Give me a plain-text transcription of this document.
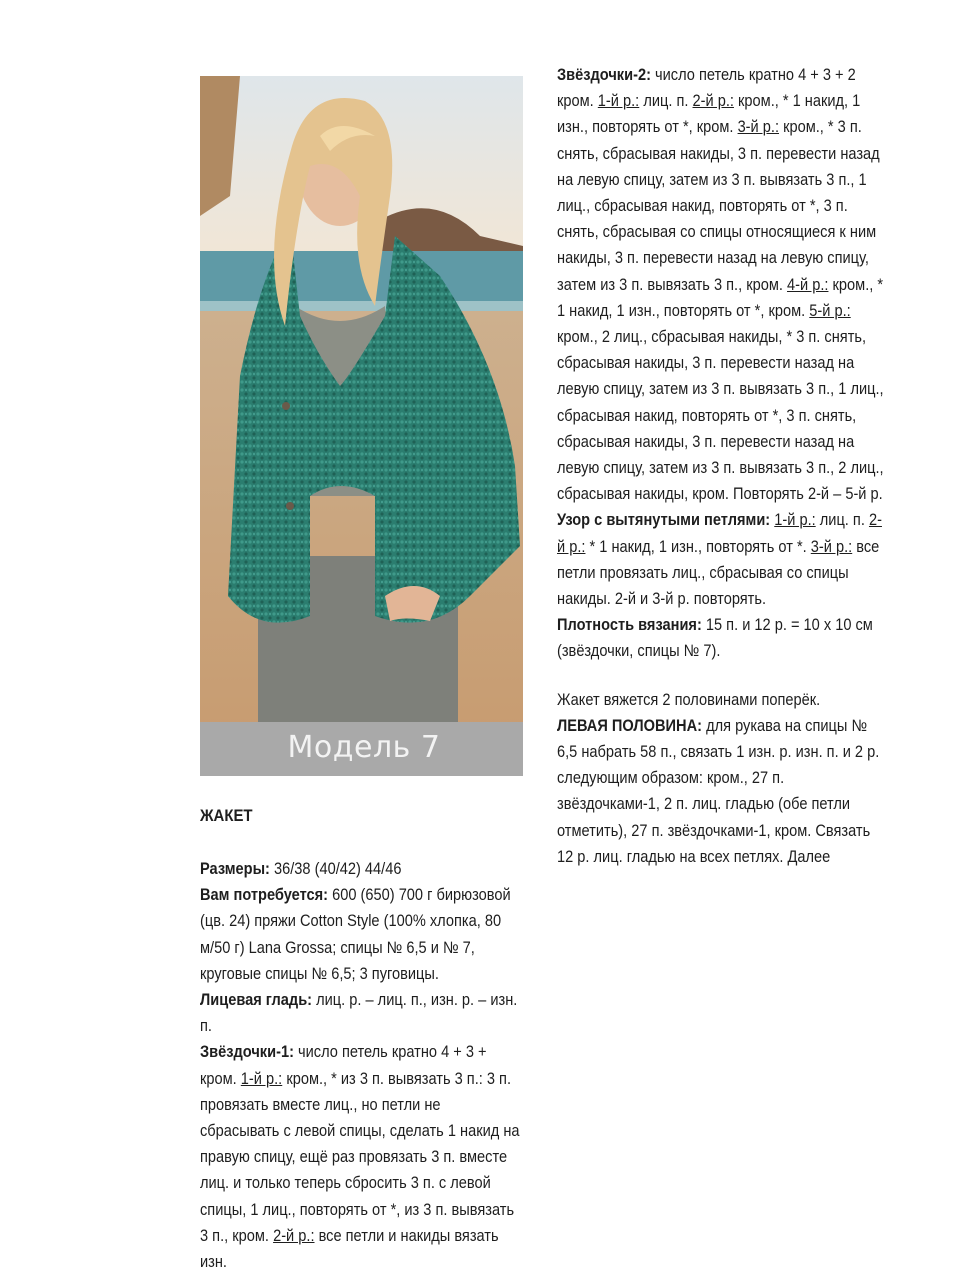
Модель 7
ЖАКЕТ

Размеры: 36/38 (40/42) 44/46

Вам потребуется: 600 (650) 700 г бирюзовой (цв. 24) пряжи Cotton Style (100% хлопка, 80 м/50 г) Lana Grossa; спицы № 6,5 и № 7, круговые спицы № 6,5; 3 пуговицы.

Лицевая гладь: лиц. р. – лиц. п., изн. р. – изн. п.

Звёздочки-1: число петель кратно 4 + 3 + кром. 1-й р.: кром., * из 3 п. вывязать 3 п.: 3 п. провязать вместе лиц., но петли не сбрасывать с левой спицы, сделать 1 накид на правую спицу, ещё раз провязать 3 п. вместе лиц. и только теперь сбросить 3 п. с левой спицы, 1 лиц., повторять от *, из 3 п. вывязать 3 п., кром. 2-й р.: все петли и накиды вязать изн.

Звёздочки-2: число петель кратно 4 + 3 + 2 кром. 1-й р.: лиц. п. 2-й р.: кром., * 1 накид, 1 изн., повторять от *, кром. 3-й р.: кром., * 3 п. снять, сбрасывая накиды, 3 п. перевести назад на левую спицу, затем из 3 п. вывязать 3 п., 1 лиц., сбрасывая накид, повторять от *, 3 п. снять, сбрасывая со спицы относящиеся к ним накиды, 3 п. перевести назад на левую спицу, затем из 3 п. вывязать 3 п., кром. 4-й р.: кром., * 1 накид, 1 изн., повторять от *, кром. 5-й р.: кром., 2 лиц., сбрасывая накиды, * 3 п. снять, сбрасывая накиды, 3 п. перевести назад на левую спицу, затем из 3 п. вывязать 3 п., 1 лиц., сбрасывая накид, повторять от *, 3 п. снять, сбрасывая накиды, 3 п. перевести назад на левую спицу, затем из 3 п. вывязать 3 п., 2 лиц., сбрасывая накиды, кром. Повторять 2-й – 5-й р.

Узор с вытянутыми петлями: 1-й р.: лиц. п. 2-й р.: * 1 накид, 1 изн., повторять от *. 3-й р.: все петли провязать лиц., сбрасывая со спицы накиды. 2-й и 3-й р. повторять.

Плотность вязания: 15 п. и 12 р. = 10 х 10 см (звёздочки, спицы № 7).

Жакет вяжется 2 половинами поперёк.

ЛЕВАЯ ПОЛОВИНА: для рукава на спицы № 6,5 набрать 58 п., связать 1 изн. р. изн. п. и 2 р. следующим образом: кром., 27 п. звёздочками-1, 2 п. лиц. гладью (обе петли отметить), 27 п. звёздочками-1, кром. Связать 12 р. лиц. гладью на всех петлях. Далее
